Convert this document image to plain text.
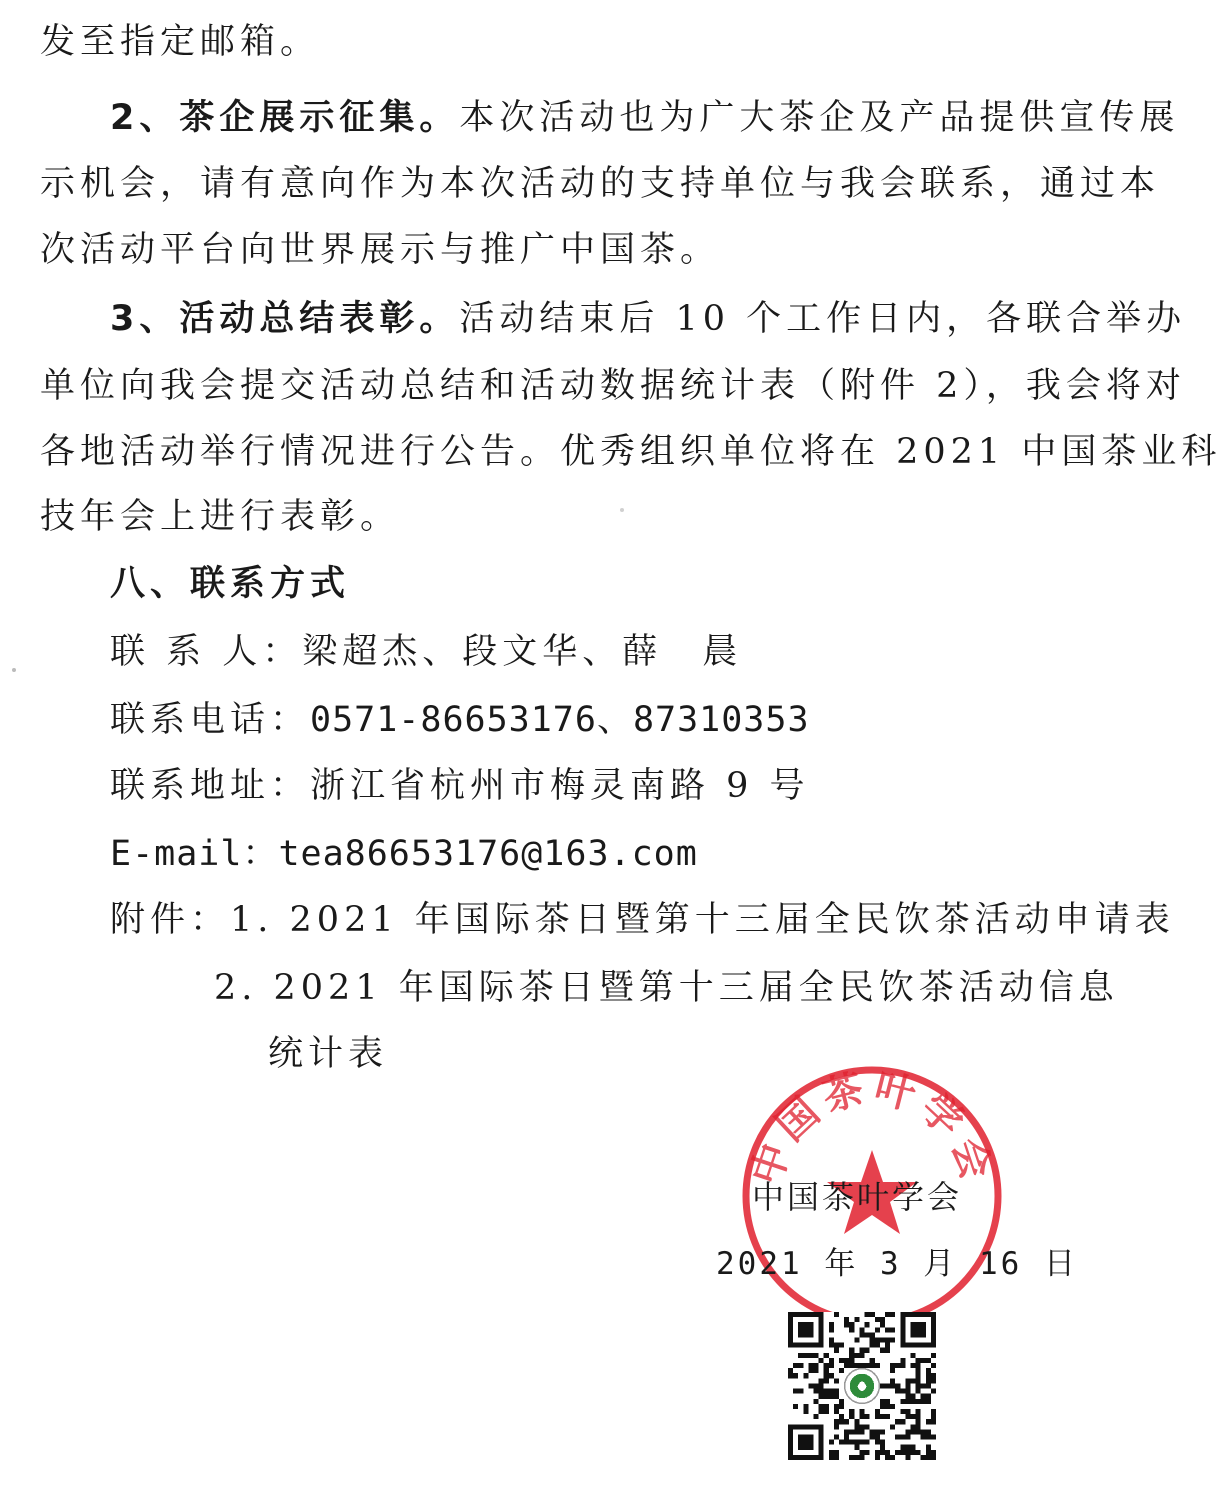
发至指定邮箱。
2、茶企展示征集。本次活动也为广大茶企及产品提供宣传展
示机会，请有意向作为本次活动的支持单位与我会联系，通过本
次活动平台向世界展示与推广中国茶。
3、活动总结表彰。活动结束后 10 个工作日内，各联合举办
单位向我会提交活动总结和活动数据统计表（附件 2），我会将对
各地活动举行情况进行公告。优秀组织单位将在 2021 中国茶业科
技年会上进行表彰。
八、联系方式
联 系 人：梁超杰、段文华、薛　晨
联系电话：0571-86653176、87310353
联系地址：浙江省杭州市梅灵南路 9 号
E-mail：tea86653176@163.com
附件：1. 2021 年国际茶日暨第十三届全民饮茶活动申请表
2. 2021 年国际茶日暨第十三届全民饮茶活动信息
统计表
中国茶叶学会
中国茶叶学会
2021 年 3 月 16 日
